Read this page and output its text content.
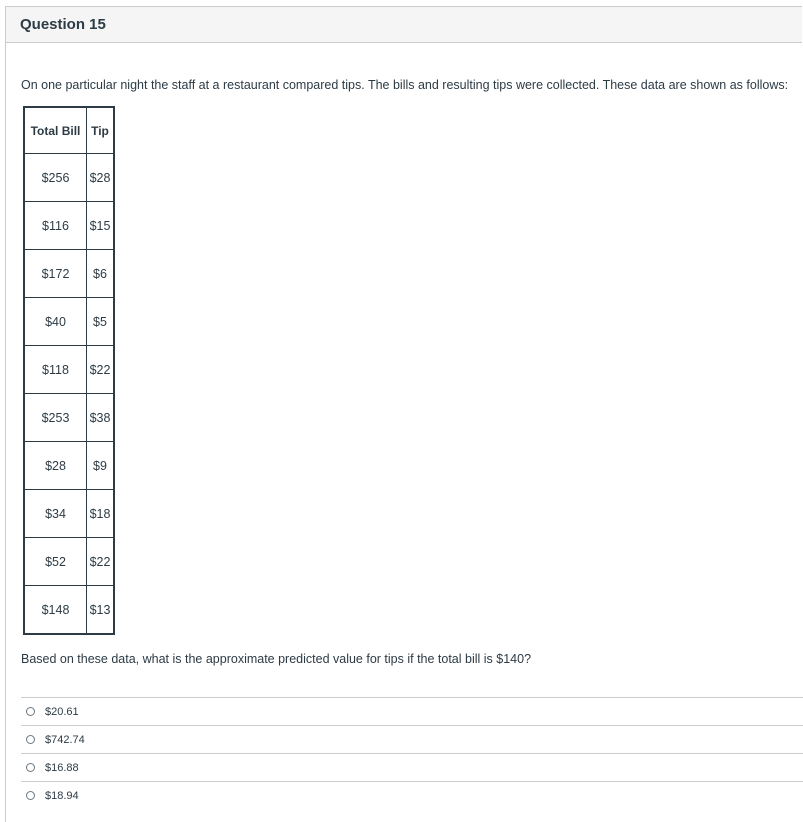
Question 15
On one particular night the staff at a restaurant compared tips. The bills and resulting tips were collected. These data are shown as follows:
Total Bill	Tip
$256	$28
$116	$15
$172	$6
$40	$5
$118	$22
$253	$38
$28	$9
$34	$18
$52	$22
$148	$13
Based on these data, what is the approximate predicted value for tips if the total bill is $140?
$20.61
$742.74
$16.88
$18.94
